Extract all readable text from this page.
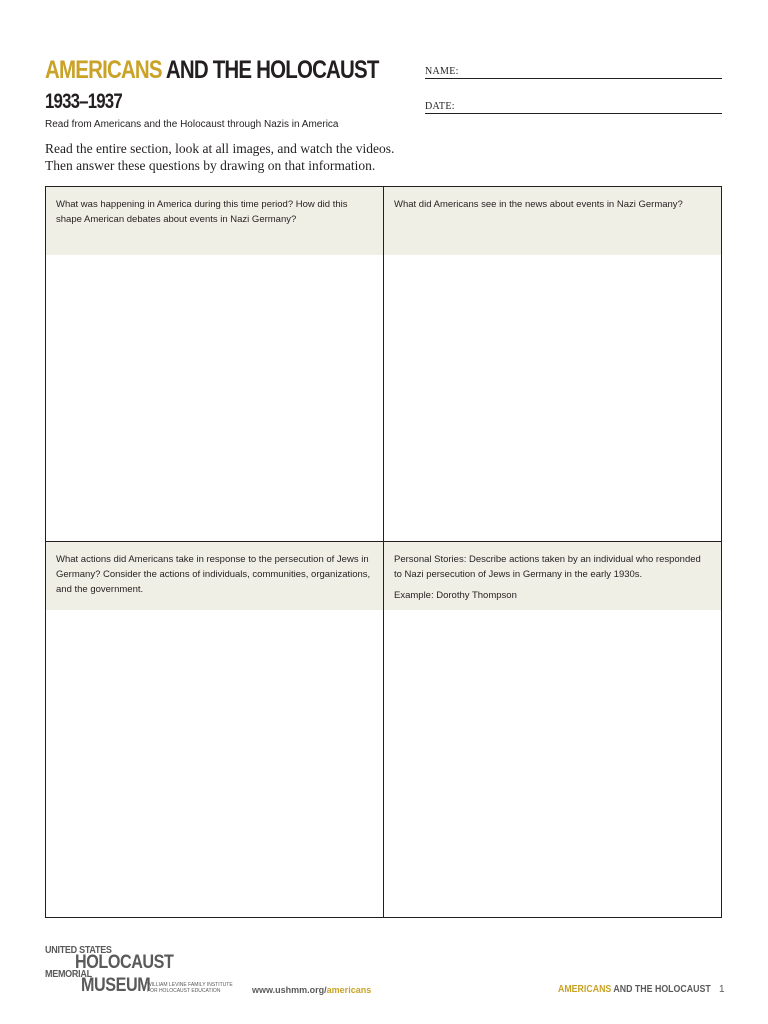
AMERICANS AND THE HOLOCAUST
1933–1937
Read from Americans and the Holocaust through Nazis in America
Read the entire section, look at all images, and watch the videos.
Then answer these questions by drawing on that information.
NAME:
DATE:
What was happening in America during this time period? How did this shape American debates about events in Nazi Germany?
What did Americans see in the news about events in Nazi Germany?
What actions did Americans take in response to the persecution of Jews in Germany? Consider the actions of individuals, communities, organizations, and the government.
Personal Stories: Describe actions taken by an individual who responded to Nazi persecution of Jews in Germany in the early 1930s.
Example: Dorothy Thompson
UNITED STATES
HOLOCAUST
MEMORIAL
MUSEUM
WILLIAM LEVINE FAMILY INSTITUTE
FOR HOLOCAUST EDUCATION	www.ushmm.org/americans	AMERICANS AND THE HOLOCAUST 1
